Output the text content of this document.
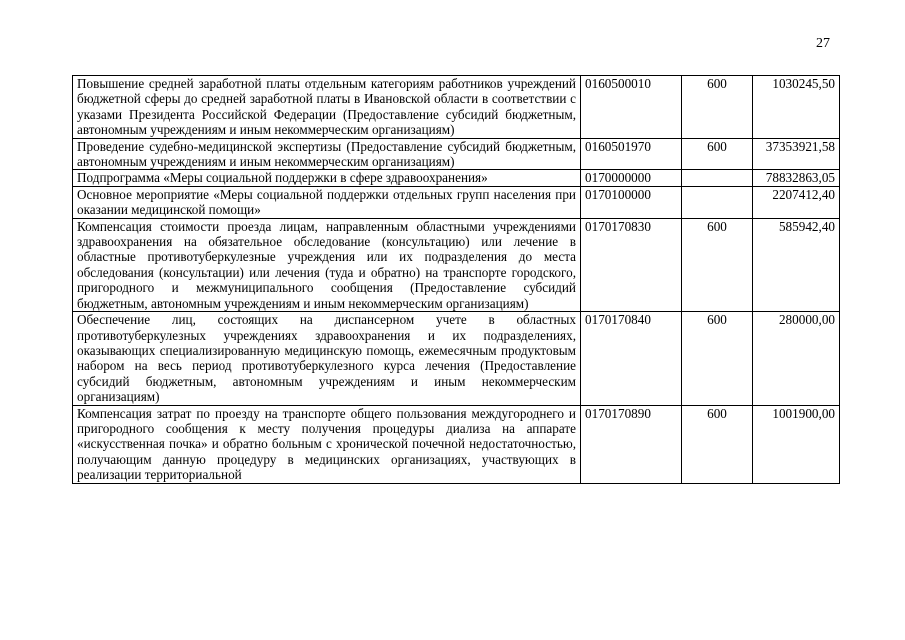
27
Повышение средней заработной платы отдельным категориям работников учреждений бюджетной сферы до средней заработной платы в Ивановской области в соответствии с указами Президента Российской Федерации (Предоставление субсидий бюджетным, автономным учреждениям и иным некоммерческим организациям)	0160500010	600	1030245,50
Проведение судебно-медицинской экспертизы (Предоставление субсидий бюджетным, автономным учреждениям и иным некоммерческим организациям)	0160501970	600	37353921,58
Подпрограмма «Меры социальной поддержки в сфере здравоохранения»	0170000000		78832863,05
Основное мероприятие «Меры социальной поддержки отдельных групп населения при оказании медицинской помощи»	0170100000		2207412,40
Компенсация стоимости проезда лицам, направленным областными учреждениями здравоохранения на обязательное обследование (консультацию) или лечение в областные противотуберкулезные учреждения или их подразделения до места обследования (консультации) или лечения (туда и обратно) на транспорте городского, пригородного и межмуниципального сообщения (Предоставление субсидий бюджетным, автономным учреждениям и иным некоммерческим организациям)	0170170830	600	585942,40
Обеспечение лиц, состоящих на диспансерном учете в областных противотуберкулезных учреждениях здравоохранения и их подразделениях, оказывающих специализированную медицинскую помощь, ежемесячным продуктовым набором на весь период противотуберкулезного курса лечения (Предоставление субсидий бюджетным, автономным учреждениям и иным некоммерческим организациям)	0170170840	600	280000,00
Компенсация затрат по проезду на транспорте общего пользования междугороднего и пригородного сообщения к месту получения процедуры диализа на аппарате «искусственная почка» и обратно больным с хронической почечной недостаточностью, получающим данную процедуру в медицинских организациях, участвующих в реализации территориальной	0170170890	600	1001900,00
